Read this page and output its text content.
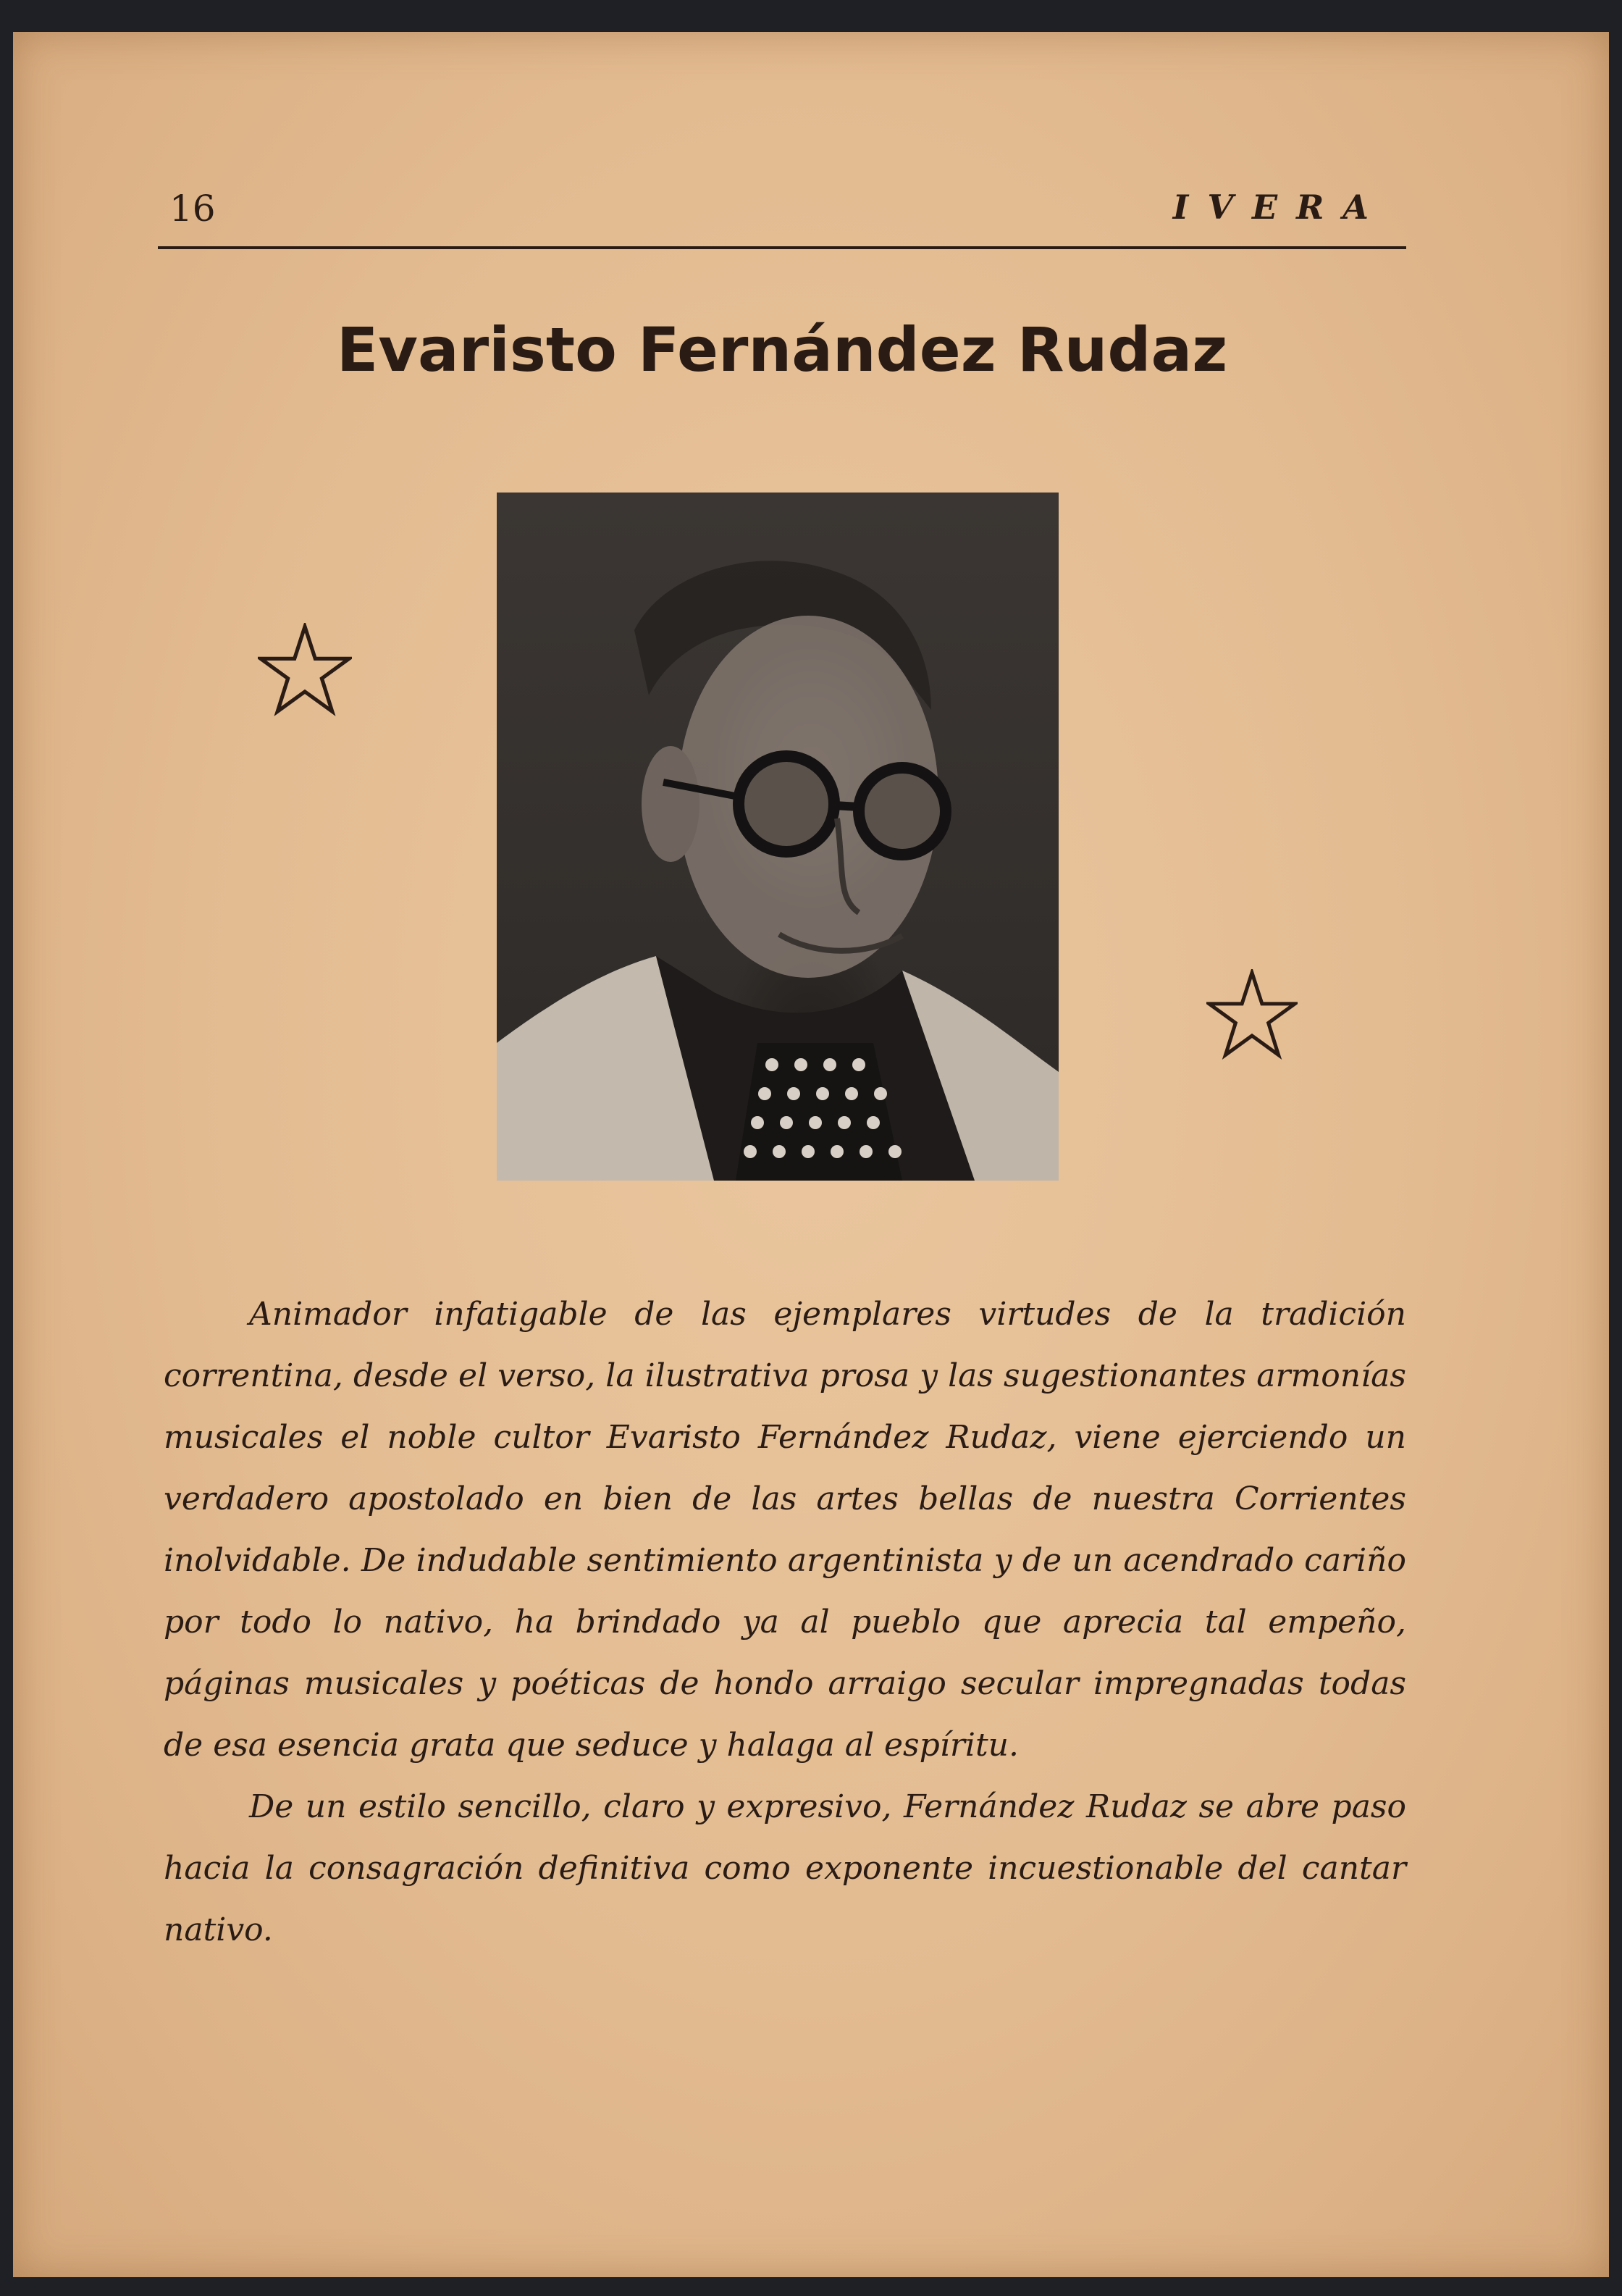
16	IVERA
Evaristo Fernández Rudaz

Animador infatigable de las ejemplares virtudes de la tradición correntina, desde el verso, la ilustrativa prosa y las sugestionantes armonías musicales el noble cultor Evaristo Fernández Rudaz, viene ejerciendo un verdadero apostolado en bien de las artes bellas de nuestra Corrientes inolvidable. De indudable sentimiento argentinista y de un acendrado cariño por todo lo nativo, ha brindado ya al pueblo que aprecia tal empeño, páginas musicales y poéticas de hondo arraigo secular impregnadas todas de esa esencia grata que seduce y halaga al espíritu.

De un estilo sencillo, claro y expresivo, Fernández Rudaz se abre paso hacia la consagración definitiva como exponente incuestionable del cantar nativo.
